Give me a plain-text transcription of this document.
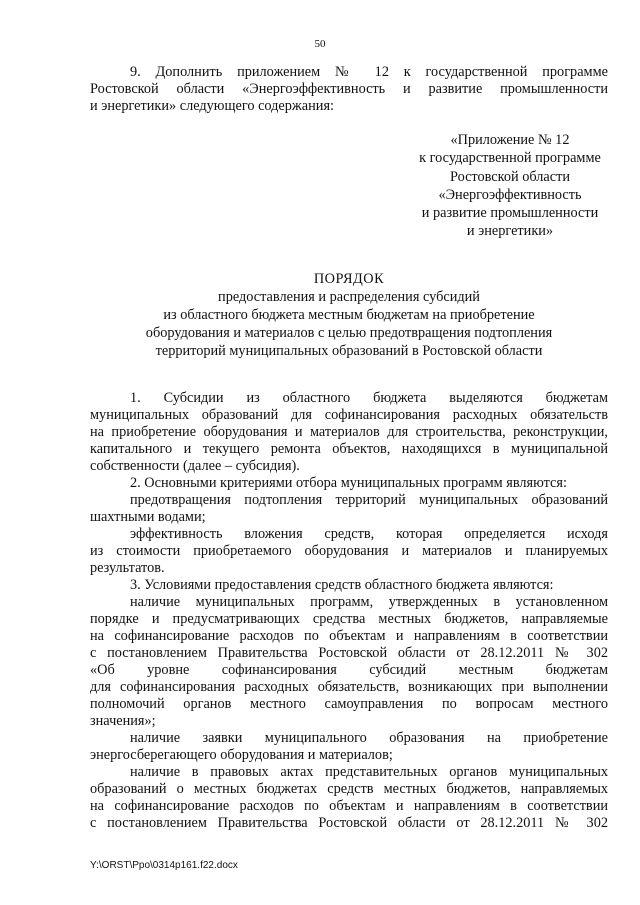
50

9. Дополнить приложением № 12 к государственной программе

Ростовской области «Энергоэффективность и развитие промышленности

и энергетики» следующего содержания:

«Приложение № 12
к государственной программе
Ростовской области
«Энергоэффективность
и развитие промышленности
и энергетики»
ПОРЯДОК
предоставления и распределения субсидий
из областного бюджета местным бюджетам на приобретение
оборудования и материалов с целью предотвращения подтопления
территорий муниципальных образований в Ростовской области

1. Субсидии из областного бюджета выделяются бюджетам

муниципальных образований для софинансирования расходных обязательств

на приобретение оборудования и материалов для строительства, реконструкции,

капитального и текущего ремонта объектов, находящихся в муниципальной

собственности (далее – субсидия).

2. Основными критериями отбора муниципальных программ являются:

предотвращения подтопления территорий муниципальных образований

шахтными водами;

эффективность вложения средств, которая определяется исходя

из стоимости приобретаемого оборудования и материалов и планируемых

результатов.

3. Условиями предоставления средств областного бюджета являются:

наличие муниципальных программ, утвержденных в установленном

порядке и предусматривающих средства местных бюджетов, направляемые

на софинансирование расходов по объектам и направлениям в соответствии

с постановлением Правительства Ростовской области от 28.12.2011 № 302

«Об уровне софинансирования субсидий местным бюджетам

для софинансирования расходных обязательств, возникающих при выполнении

полномочий органов местного самоуправления по вопросам местного

значения»;

наличие заявки муниципального образования на приобретение

энергосберегающего оборудования и материалов;

наличие в правовых актах представительных органов муниципальных

образований о местных бюджетах средств местных бюджетов, направляемых

на софинансирование расходов по объектам и направлениям в соответствии

с постановлением Правительства Ростовской области от 28.12.2011 № 302

Y:\ORST\Ppo\0314p161.f22.docx
